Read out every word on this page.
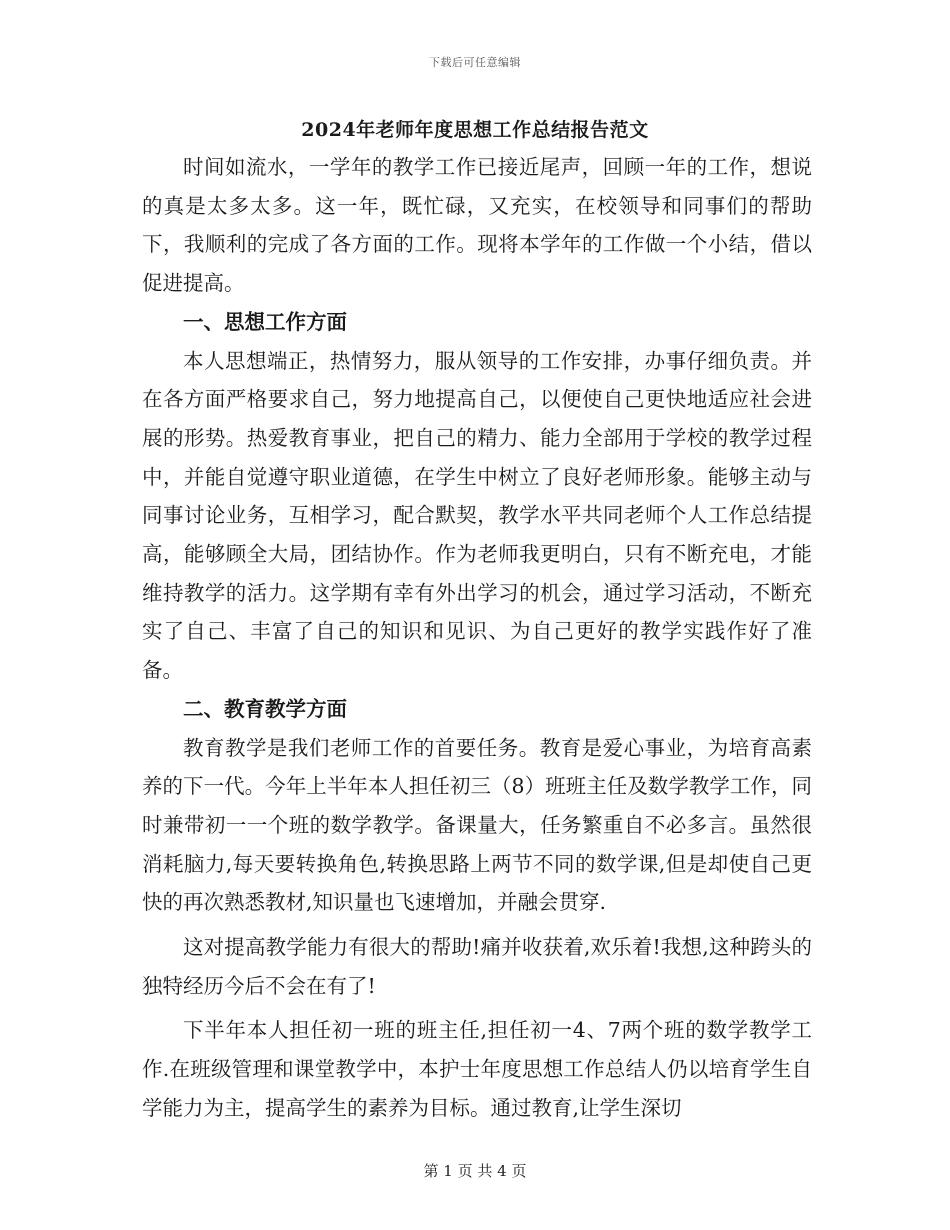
下载后可任意编辑
2024年老师年度思想工作总结报告范文

时间如流水，一学年的教学工作已接近尾声，回顾一年的工作，想说的真是太多太多。这一年，既忙碌，又充实，在校领导和同事们的帮助下，我顺利的完成了各方面的工作。现将本学年的工作做一个小结，借以促进提高。

一、思想工作方面

本人思想端正，热情努力，服从领导的工作安排，办事仔细负责。并在各方面严格要求自己，努力地提高自己，以便使自己更快地适应社会进展的形势。热爱教育事业，把自己的精力、能力全部用于学校的教学过程中，并能自觉遵守职业道德，在学生中树立了良好老师形象。能够主动与同事讨论业务，互相学习，配合默契，教学水平共同老师个人工作总结提高，能够顾全大局，团结协作。作为老师我更明白，只有不断充电，才能维持教学的活力。这学期有幸有外出学习的机会，通过学习活动，不断充实了自己、丰富了自己的知识和见识、为自己更好的教学实践作好了准备。

二、教育教学方面

教育教学是我们老师工作的首要任务。教育是爱心事业，为培育高素养的下一代。今年上半年本人担任初三（8）班班主任及数学教学工作，同时兼带初一一个班的数学教学。备课量大，任务繁重自不必多言。虽然很消耗脑力,每天要转换角色,转换思路上两节不同的数学课,但是却使自己更快的再次熟悉教材,知识量也飞速增加，并融会贯穿.

这对提高教学能力有很大的帮助!痛并收获着,欢乐着!我想,这种跨头的独特经历今后不会在有了!

下半年本人担任初一班的班主任,担任初一4、7两个班的数学教学工作.在班级管理和课堂教学中，本护士年度思想工作总结人仍以培育学生自学能力为主，提高学生的素养为目标。通过教育,让学生深切

第 1 页 共 4 页
